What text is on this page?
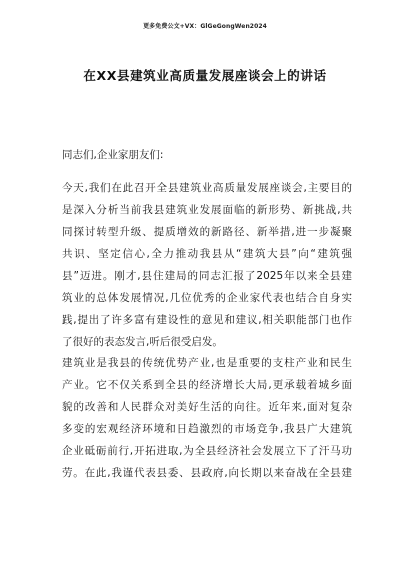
更多免费公文+VX：GlGeGongWen2024
在XX县建筑业高质量发展座谈会上的讲话
同志们,企业家朋友们:
今天,我们在此召开全县建筑业高质量发展座谈会,主要目的
是深入分析当前我县建筑业发展面临的新形势、新挑战,共
同探讨转型升级、提质增效的新路径、新举措,进一步凝聚
共识、坚定信心,全力推动我县从“建筑大县”向“建筑强
县”迈进。刚才,县住建局的同志汇报了2025年以来全县建
筑业的总体发展情况,几位优秀的企业家代表也结合自身实
践,提出了许多富有建设性的意见和建议,相关职能部门也作
了很好的表态发言,听后很受启发。
建筑业是我县的传统优势产业,也是重要的支柱产业和民生
产业。它不仅关系到全县的经济增长大局,更承载着城乡面
貌的改善和人民群众对美好生活的向往。近年来,面对复杂
多变的宏观经济环境和日趋激烈的市场竞争,我县广大建筑
企业砥砺前行,开拓进取,为全县经济社会发展立下了汗马功
劳。在此,我谨代表县委、县政府,向长期以来奋战在全县建
